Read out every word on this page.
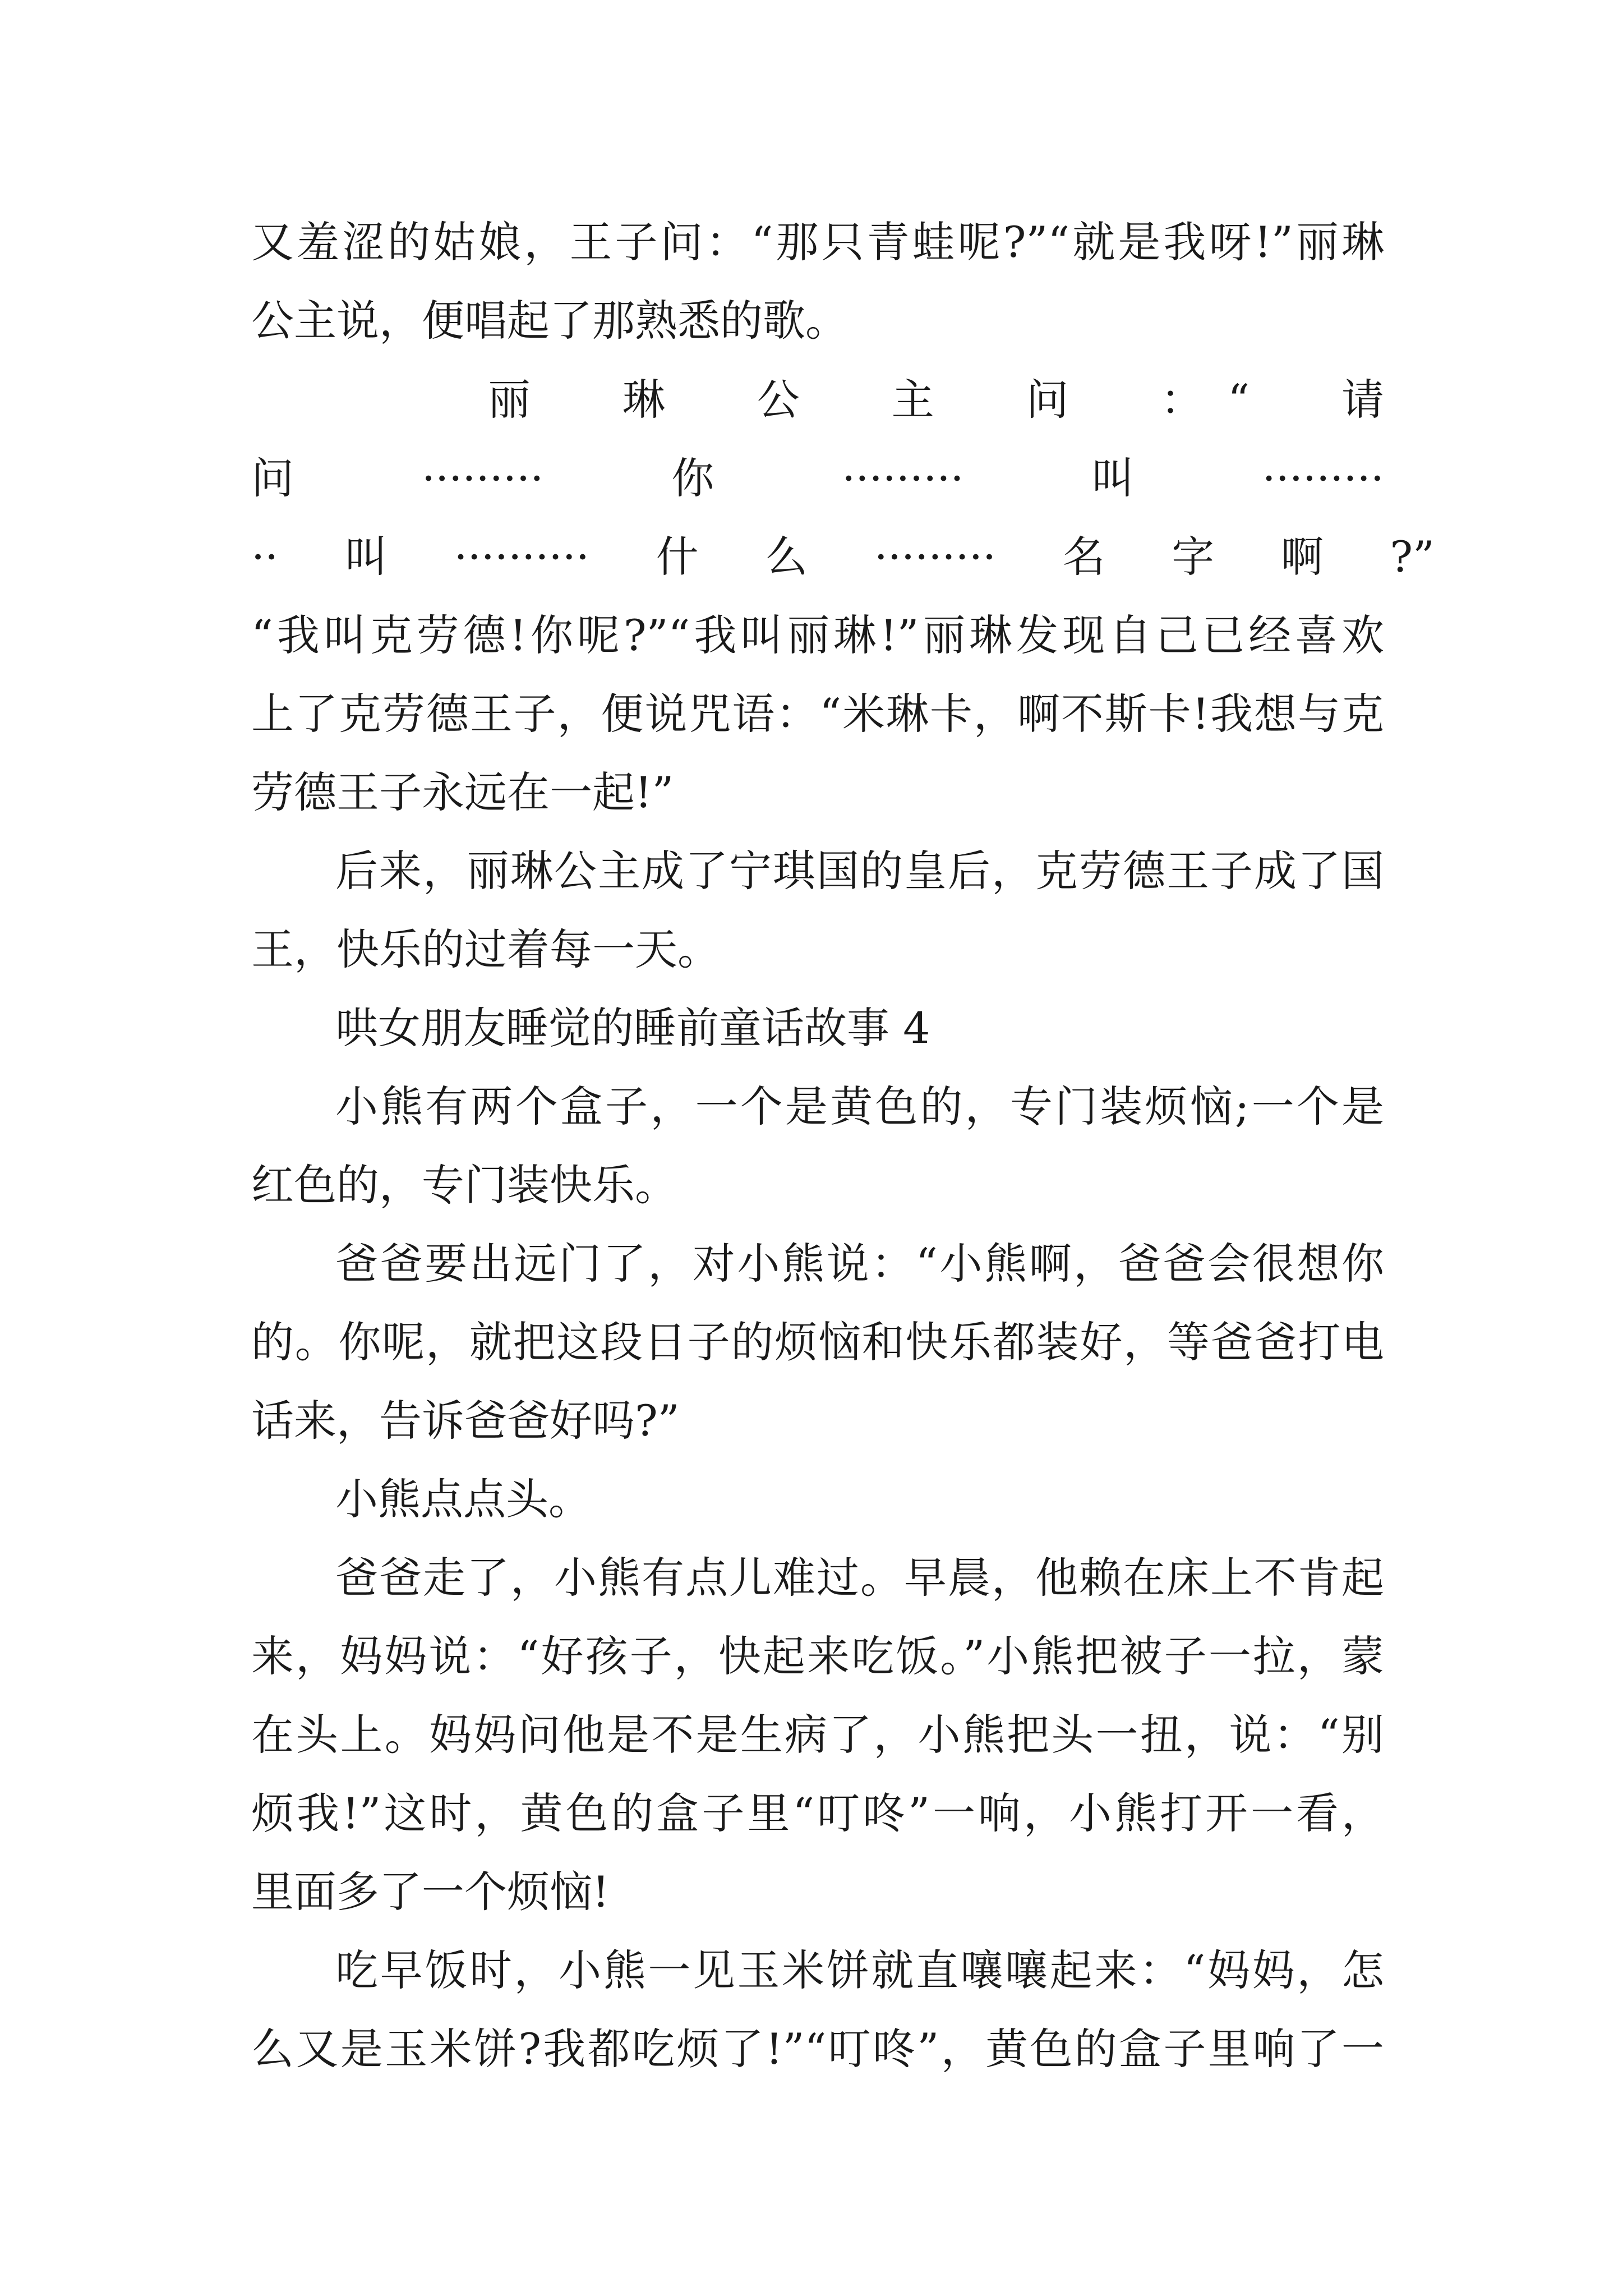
又羞涩的姑娘，王子问：“那只青蛙呢?”“就是我呀!”丽琳
公主说，便唱起了那熟悉的歌。
丽　琳　公　主　问　：“　请
问·········你·········叫·········
··叫··········什么·········名字啊?”
“我叫克劳德!你呢?”“我叫丽琳!”丽琳发现自己已经喜欢
上了克劳德王子，便说咒语：“米琳卡，啊不斯卡!我想与克
劳德王子永远在一起!”
后来，丽琳公主成了宁琪国的皇后，克劳德王子成了国
王，快乐的过着每一天。
哄女朋友睡觉的睡前童话故事 4
小熊有两个盒子，一个是黄色的，专门装烦恼;一个是
红色的，专门装快乐。
爸爸要出远门了，对小熊说：“小熊啊，爸爸会很想你
的。你呢，就把这段日子的烦恼和快乐都装好，等爸爸打电
话来，告诉爸爸好吗?”
小熊点点头。
爸爸走了，小熊有点儿难过。早晨，他赖在床上不肯起
来，妈妈说：“好孩子，快起来吃饭。”小熊把被子一拉，蒙
在头上。妈妈问他是不是生病了，小熊把头一扭，说：“别
烦我!”这时，黄色的盒子里“叮咚”一响，小熊打开一看，
里面多了一个烦恼!
吃早饭时，小熊一见玉米饼就直嚷嚷起来：“妈妈，怎
么又是玉米饼?我都吃烦了!”“叮咚”，黄色的盒子里响了一
